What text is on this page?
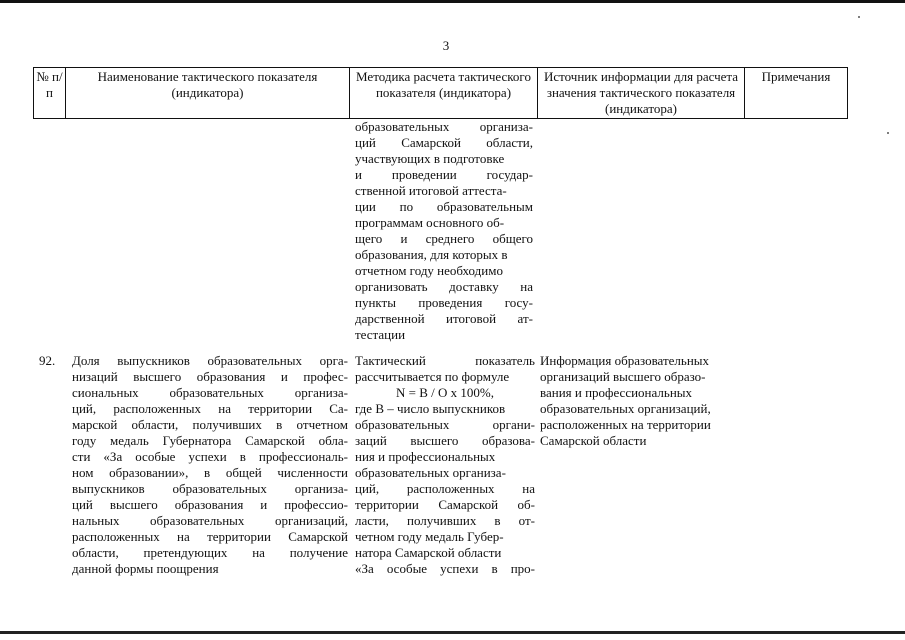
3
№ п/п
Наименование тактического показателя (индикатора)
Методика расчета тактического показателя (индикатора)
Источник информации для расчета значения тактического показателя (индикатора)
Примечания
образовательных организа-
ций Самарской области,
участвующих в подготовке
и проведении государ-
ственной итоговой аттеста-
ции по образовательным
программам основного об-
щего и среднего общего
образования, для которых в
отчетном году необходимо
организовать доставку на
пункты проведения госу-
дарственной итоговой ат-
тестации
92.	Доля выпускников образовательных орга-
низаций высшего образования и профес-
сиональных образовательных организа-
ций, расположенных на территории Са-
марской области, получивших в отчетном
году медаль Губернатора Самарской обла-
сти «За особые успехи в профессиональ-
ном образовании», в общей численности
выпускников образовательных организа-
ций высшего образования и профессио-
нальных образовательных организаций,
расположенных на территории Самарской
области, претендующих на получение
данной формы поощрения
Тактический показатель
рассчитывается по формуле
N = B / O x 100%,
где В – число выпускников
образовательных органи-
заций высшего образова-
ния и профессиональных
образовательных организа-
ций, расположенных на
территории Самарской об-
ласти, получивших в от-
четном году медаль Губер-
натора Самарской области
«За особые успехи в про-
Информация образовательных
организаций высшего образо-
вания и профессиональных
образовательных организаций,
расположенных на территории
Самарской области
